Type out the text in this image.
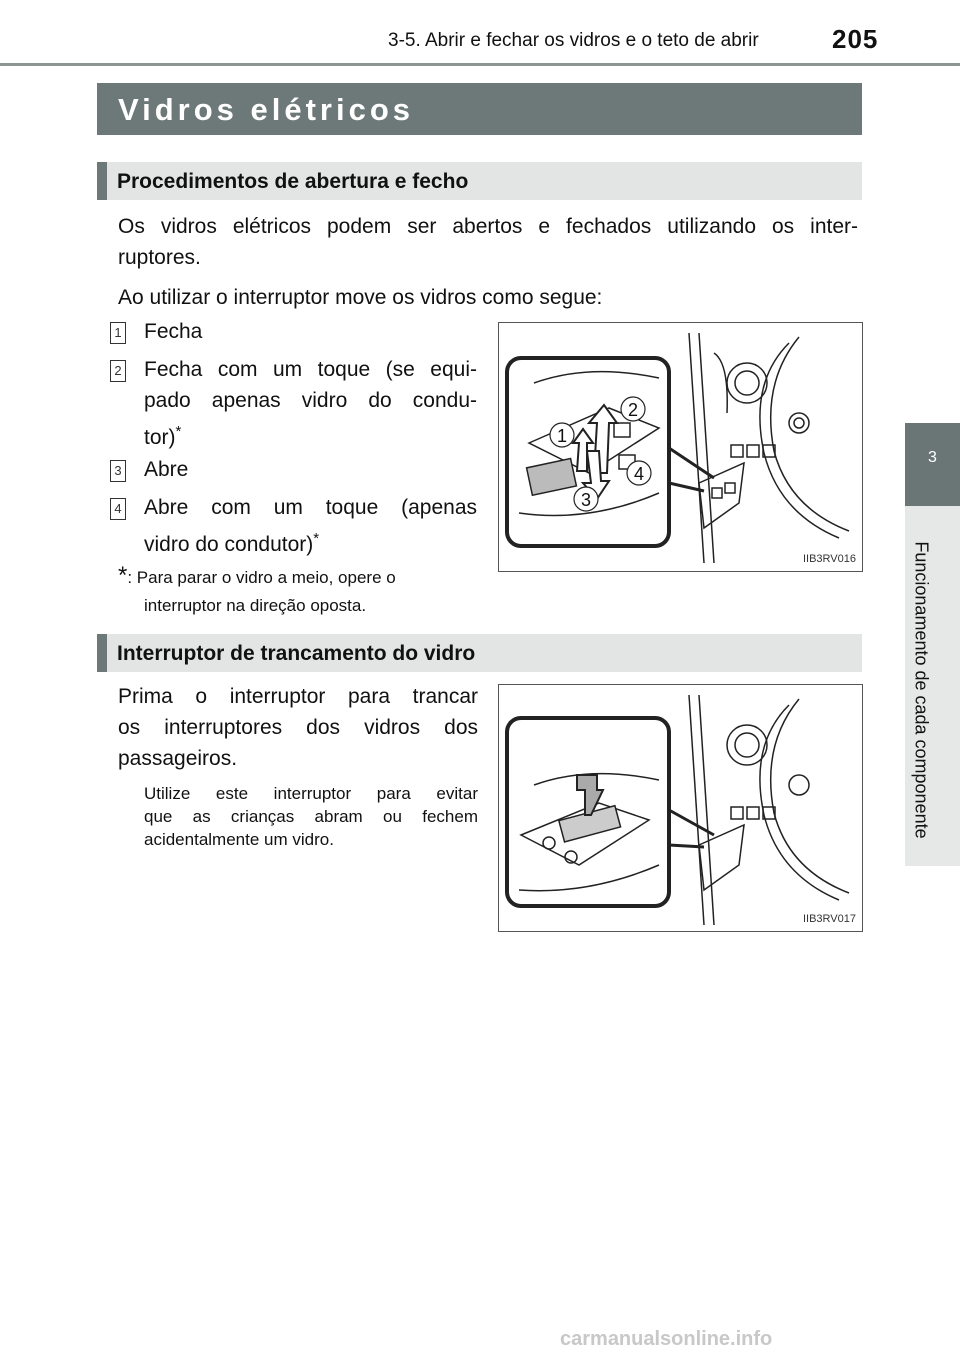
3-5. Abrir e fechar os vidros e o teto de abrir	205
3
Funcionamento de cada componente
Vidros elétricos
Procedimentos de abertura e fecho
Os vidros elétricos podem ser abertos e fechados utilizando os inter-
ruptores.
Ao utilizar o interruptor move os vidros como segue:
1 Fecha
2 Fecha com um toque (se equi-
pado apenas vidro do condu-
tor)*
3 Abre
4 Abre com um toque (apenas
vidro do condutor)*
*: Para parar o vidro a meio, opere o
interruptor na direção oposta.
1
2
3
4
IIB3RV016
Interruptor de trancamento do vidro
Prima o interruptor para trancar
os interruptores dos vidros dos
passageiros.
Utilize este interruptor para evitar
que as crianças abram ou fechem
acidentalmente um vidro.
IIB3RV017
carmanualsonline.info
